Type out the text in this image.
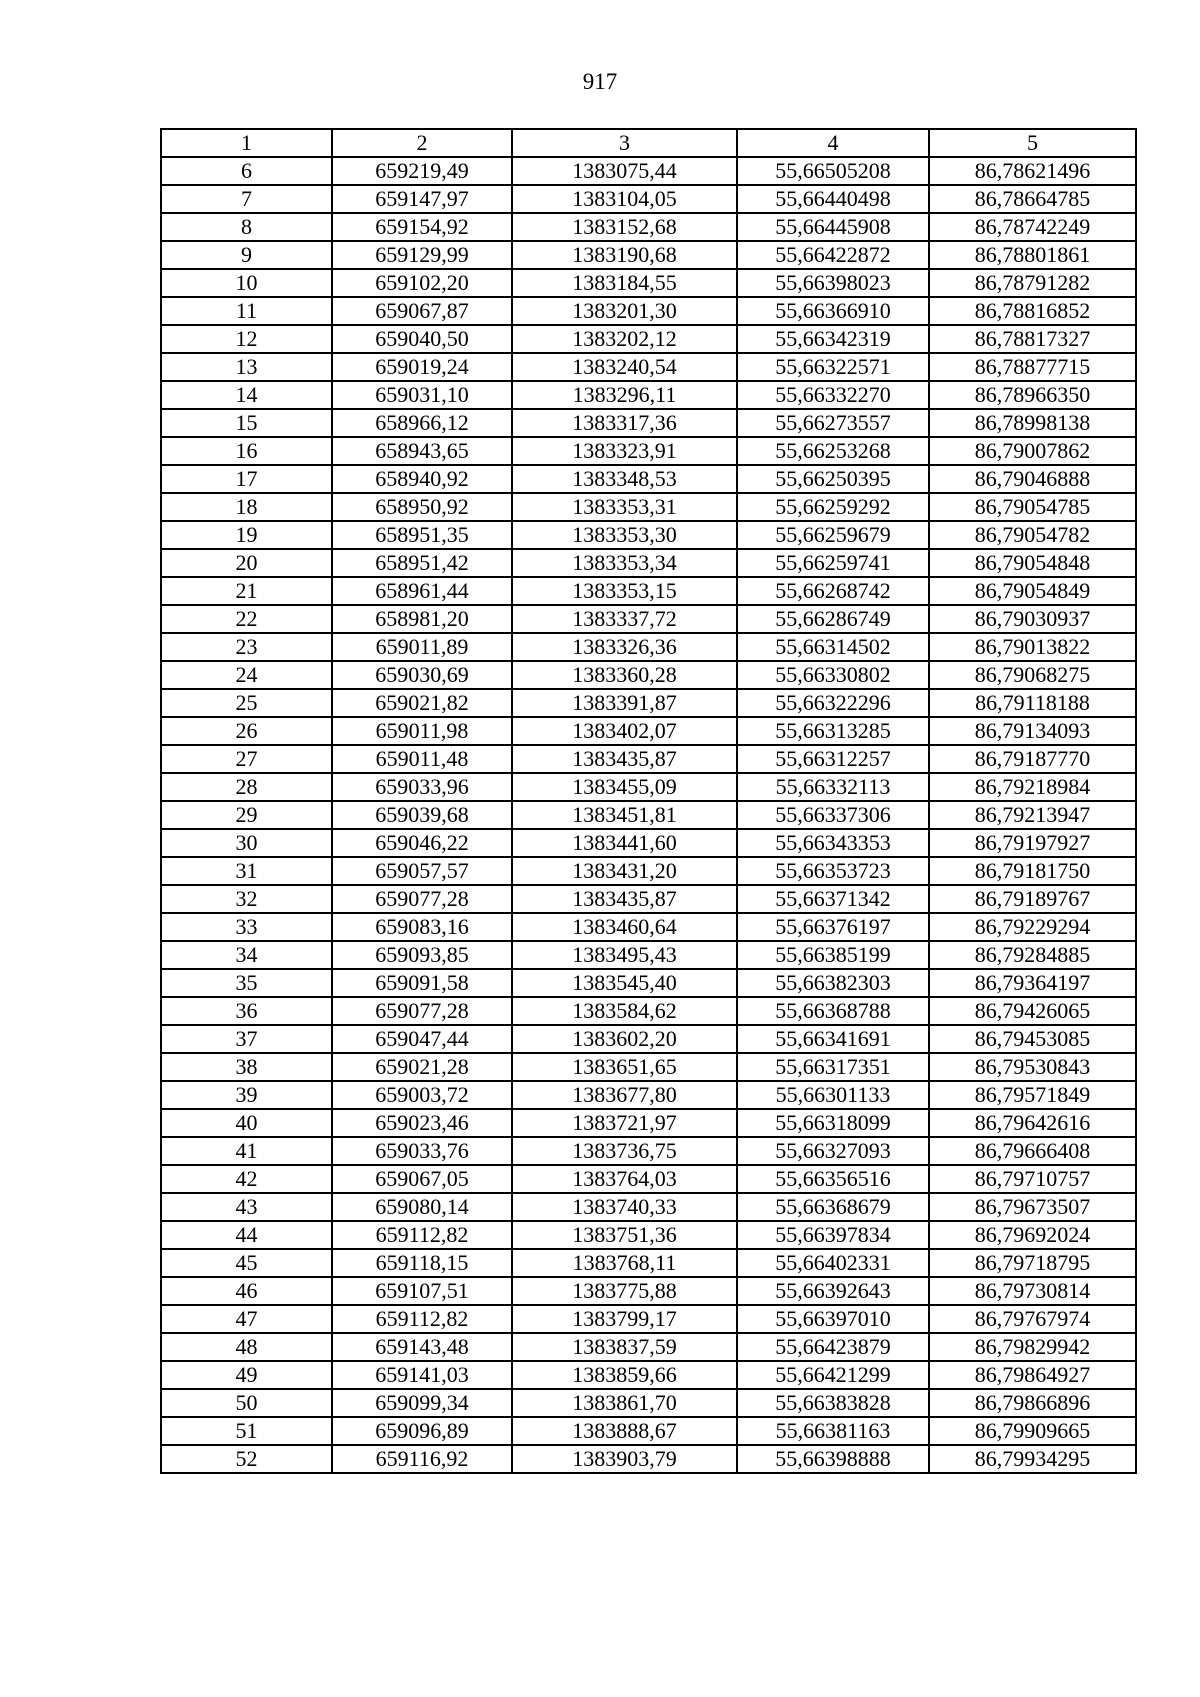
917
1	2	3	4	5
6	659219,49	1383075,44	55,66505208	86,78621496
7	659147,97	1383104,05	55,66440498	86,78664785
8	659154,92	1383152,68	55,66445908	86,78742249
9	659129,99	1383190,68	55,66422872	86,78801861
10	659102,20	1383184,55	55,66398023	86,78791282
11	659067,87	1383201,30	55,66366910	86,78816852
12	659040,50	1383202,12	55,66342319	86,78817327
13	659019,24	1383240,54	55,66322571	86,78877715
14	659031,10	1383296,11	55,66332270	86,78966350
15	658966,12	1383317,36	55,66273557	86,78998138
16	658943,65	1383323,91	55,66253268	86,79007862
17	658940,92	1383348,53	55,66250395	86,79046888
18	658950,92	1383353,31	55,66259292	86,79054785
19	658951,35	1383353,30	55,66259679	86,79054782
20	658951,42	1383353,34	55,66259741	86,79054848
21	658961,44	1383353,15	55,66268742	86,79054849
22	658981,20	1383337,72	55,66286749	86,79030937
23	659011,89	1383326,36	55,66314502	86,79013822
24	659030,69	1383360,28	55,66330802	86,79068275
25	659021,82	1383391,87	55,66322296	86,79118188
26	659011,98	1383402,07	55,66313285	86,79134093
27	659011,48	1383435,87	55,66312257	86,79187770
28	659033,96	1383455,09	55,66332113	86,79218984
29	659039,68	1383451,81	55,66337306	86,79213947
30	659046,22	1383441,60	55,66343353	86,79197927
31	659057,57	1383431,20	55,66353723	86,79181750
32	659077,28	1383435,87	55,66371342	86,79189767
33	659083,16	1383460,64	55,66376197	86,79229294
34	659093,85	1383495,43	55,66385199	86,79284885
35	659091,58	1383545,40	55,66382303	86,79364197
36	659077,28	1383584,62	55,66368788	86,79426065
37	659047,44	1383602,20	55,66341691	86,79453085
38	659021,28	1383651,65	55,66317351	86,79530843
39	659003,72	1383677,80	55,66301133	86,79571849
40	659023,46	1383721,97	55,66318099	86,79642616
41	659033,76	1383736,75	55,66327093	86,79666408
42	659067,05	1383764,03	55,66356516	86,79710757
43	659080,14	1383740,33	55,66368679	86,79673507
44	659112,82	1383751,36	55,66397834	86,79692024
45	659118,15	1383768,11	55,66402331	86,79718795
46	659107,51	1383775,88	55,66392643	86,79730814
47	659112,82	1383799,17	55,66397010	86,79767974
48	659143,48	1383837,59	55,66423879	86,79829942
49	659141,03	1383859,66	55,66421299	86,79864927
50	659099,34	1383861,70	55,66383828	86,79866896
51	659096,89	1383888,67	55,66381163	86,79909665
52	659116,92	1383903,79	55,66398888	86,79934295
